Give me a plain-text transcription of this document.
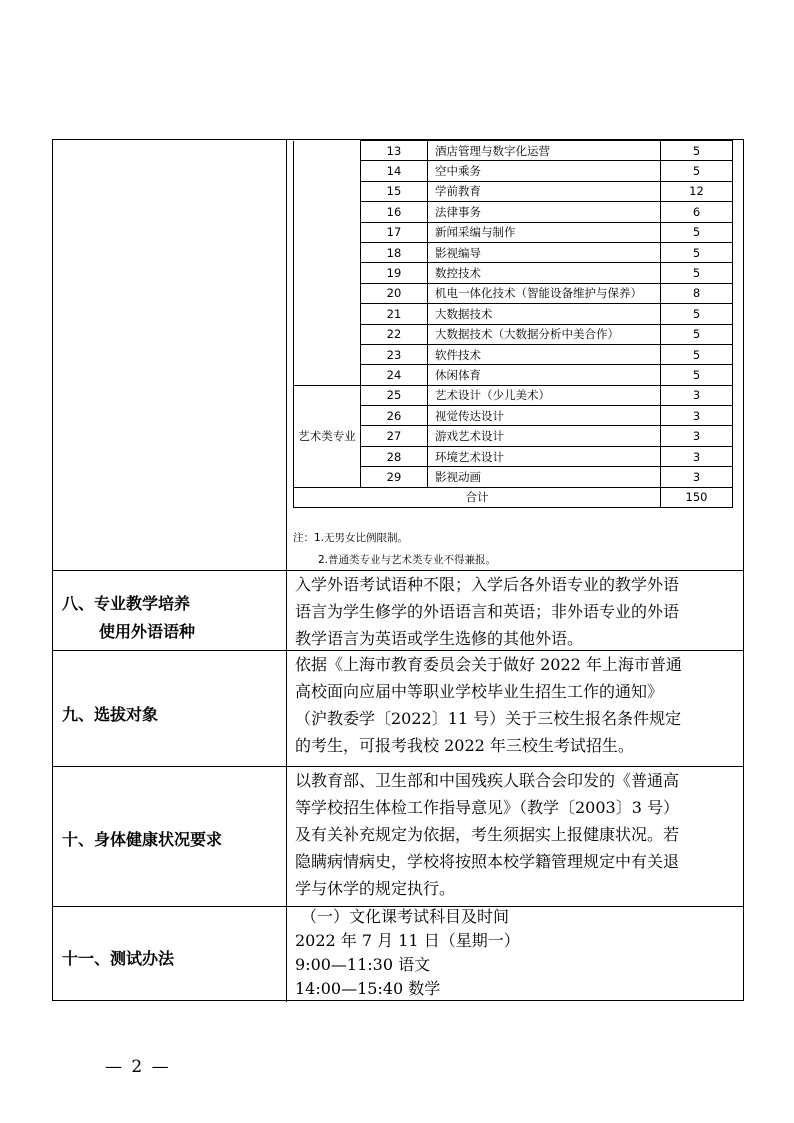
	13	酒店管理与数字化运营	5
	14	空中乘务	5
	15	学前教育	12
	16	法律事务	6
	17	新闻采编与制作	5
	18	影视编导	5
	19	数控技术	5
	20	机电一体化技术（智能设备维护与保养）	8
	21	大数据技术	5
	22	大数据技术（大数据分析中美合作）	5
	23	软件技术	5
	24	休闲体育	5
艺术类专业	25	艺术设计（少儿美术）	3
	26	视觉传达设计	3
	27	游戏艺术设计	3
	28	环境艺术设计	3
	29	影视动画	3
合计			150
注：1.无男女比例限制。
2.普通类专业与艺术类专业不得兼报。
八、专业教学培养
使用外语语种
入学外语考试语种不限；入学后各外语专业的教学外语
语言为学生修学的外语语言和英语；非外语专业的外语
教学语言为英语或学生选修的其他外语。
九、选拔对象
依据《上海市教育委员会关于做好 2022 年上海市普通
高校面向应届中等职业学校毕业生招生工作的通知》
（沪教委学〔2022〕11 号）关于三校生报名条件规定
的考生，可报考我校 2022 年三校生考试招生。
十、身体健康状况要求
以教育部、卫生部和中国残疾人联合会印发的《普通高
等学校招生体检工作指导意见》（教学〔2003〕3 号）
及有关补充规定为依据，考生须据实上报健康状况。若
隐瞒病情病史，学校将按照本校学籍管理规定中有关退
学与休学的规定执行。
十一、测试办法
（一）文化课考试科目及时间
2022 年 7 月 11 日（星期一）
9:00—11:30 语文
14:00—15:40 数学
— 2 —
